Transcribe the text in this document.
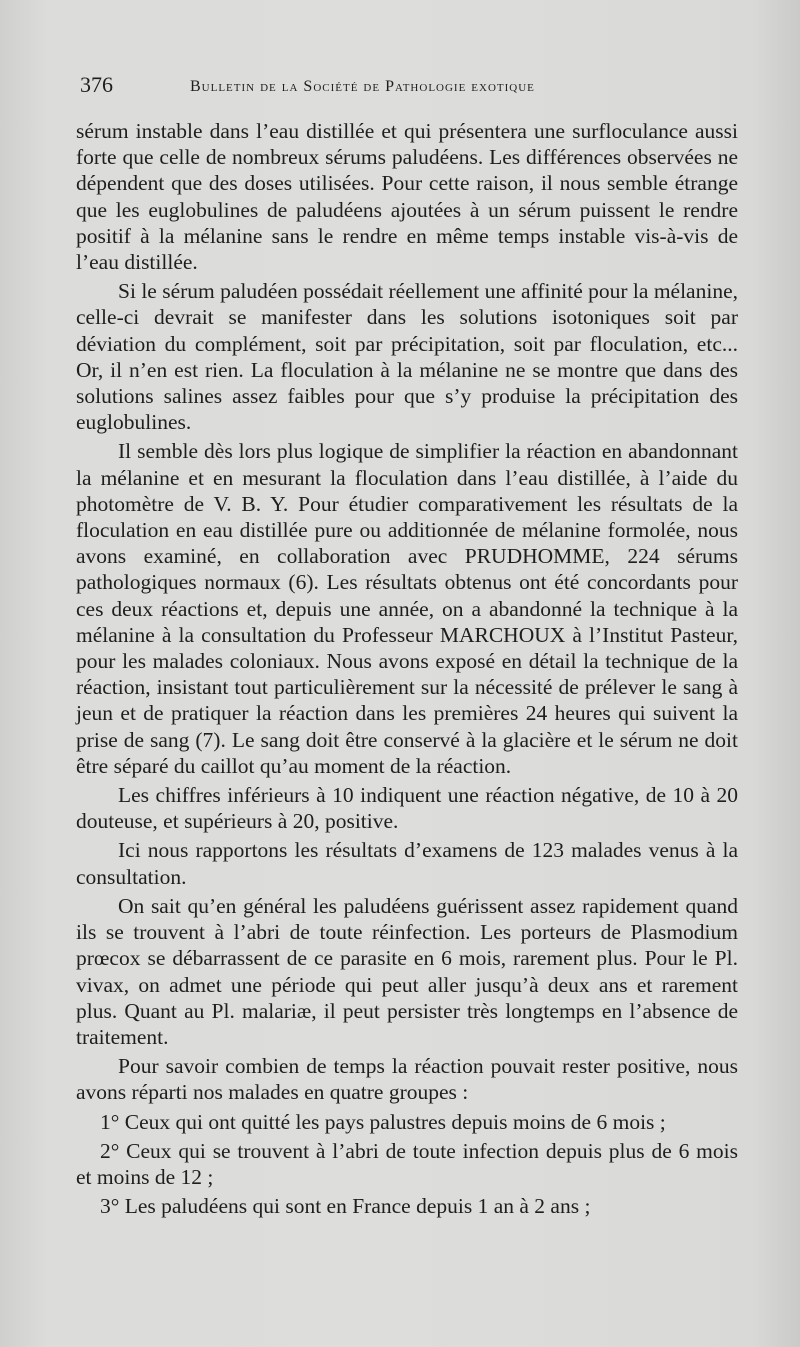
376	Bulletin de la Société de Pathologie exotique

sérum instable dans l’eau distillée et qui présentera une surfloculance aussi forte que celle de nombreux sérums paludéens. Les différences observées ne dépendent que des doses utilisées. Pour cette raison, il nous semble étrange que les euglobulines de paludéens ajoutées à un sérum puissent le rendre positif à la mélanine sans le rendre en même temps instable vis-à-vis de l’eau distillée.

Si le sérum paludéen possédait réellement une affinité pour la mélanine, celle-ci devrait se manifester dans les solutions isotoniques soit par déviation du complément, soit par précipitation, soit par floculation, etc... Or, il n’en est rien. La floculation à la mélanine ne se montre que dans des solutions salines assez faibles pour que s’y produise la précipitation des euglobulines.

Il semble dès lors plus logique de simplifier la réaction en abandonnant la mélanine et en mesurant la floculation dans l’eau distillée, à l’aide du photomètre de V. B. Y. Pour étudier comparativement les résultats de la floculation en eau distillée pure ou additionnée de mélanine formolée, nous avons examiné, en collaboration avec PRUDHOMME, 224 sérums pathologiques normaux (6). Les résultats obtenus ont été concordants pour ces deux réactions et, depuis une année, on a abandonné la technique à la mélanine à la consultation du Professeur MARCHOUX à l’Institut Pasteur, pour les malades coloniaux. Nous avons exposé en détail la technique de la réaction, insistant tout particulièrement sur la nécessité de prélever le sang à jeun et de pratiquer la réaction dans les premières 24 heures qui suivent la prise de sang (7). Le sang doit être conservé à la glacière et le sérum ne doit être séparé du caillot qu’au moment de la réaction.

Les chiffres inférieurs à 10 indiquent une réaction négative, de 10 à 20 douteuse, et supérieurs à 20, positive.

Ici nous rapportons les résultats d’examens de 123 malades venus à la consultation.

On sait qu’en général les paludéens guérissent assez rapidement quand ils se trouvent à l’abri de toute réinfection. Les porteurs de Plasmodium prœcox se débarrassent de ce parasite en 6 mois, rarement plus. Pour le Pl. vivax, on admet une période qui peut aller jusqu’à deux ans et rarement plus. Quant au Pl. malariæ, il peut persister très longtemps en l’absence de traitement.

Pour savoir combien de temps la réaction pouvait rester positive, nous avons réparti nos malades en quatre groupes :

1° Ceux qui ont quitté les pays palustres depuis moins de 6 mois ;

2° Ceux qui se trouvent à l’abri de toute infection depuis plus de 6 mois et moins de 12 ;

3° Les paludéens qui sont en France depuis 1 an à 2 ans ;
